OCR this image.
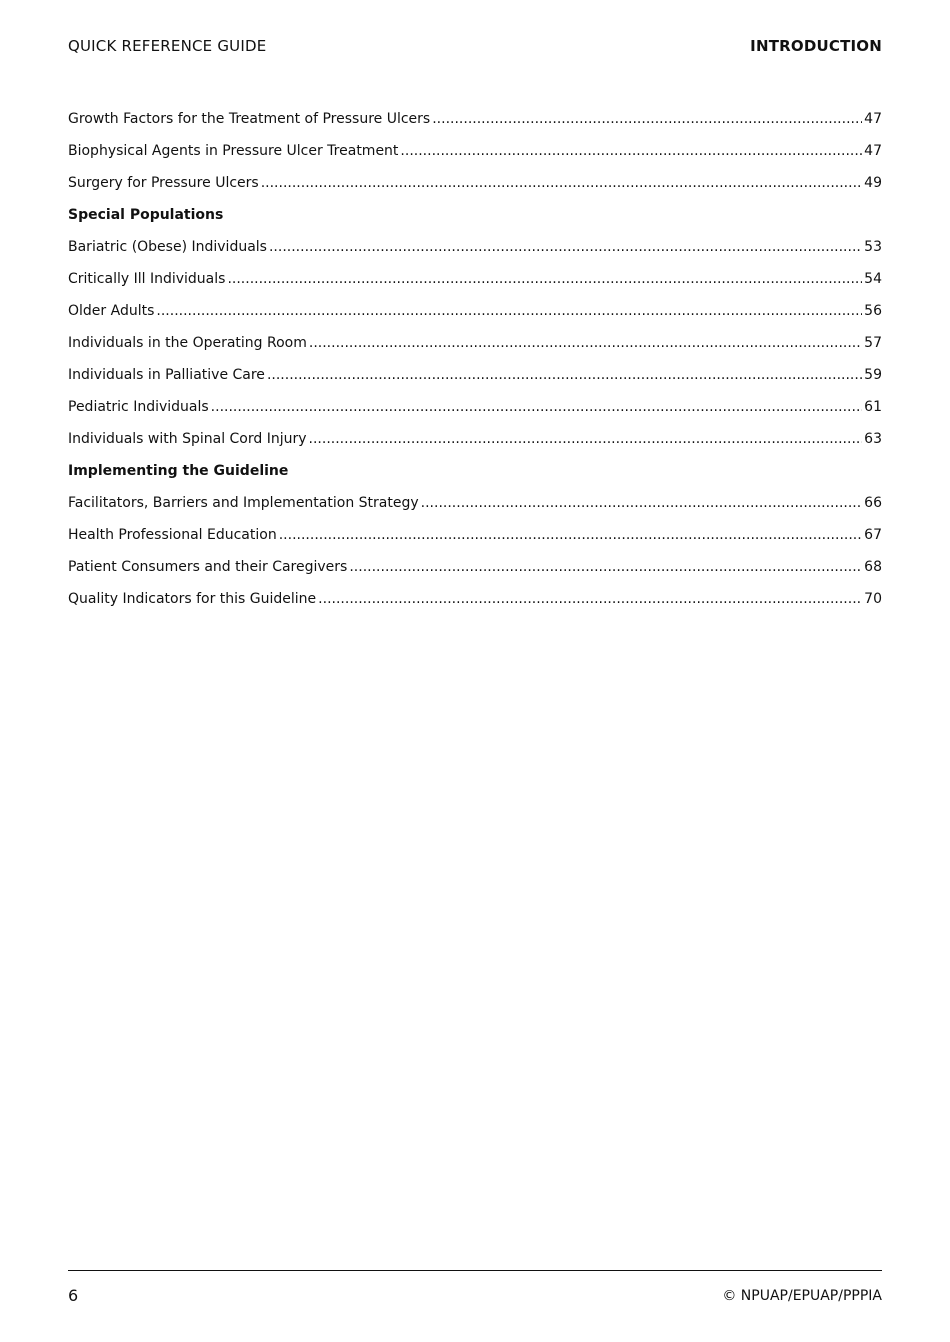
QUICK REFERENCE GUIDE	INTRODUCTION
Growth Factors for the Treatment of Pressure Ulcers .....	47
Biophysical Agents in Pressure Ulcer Treatment .....	47
Surgery for Pressure Ulcers .....	49
Special Populations
Bariatric (Obese) Individuals .....	53
Critically Ill Individuals .....	54
Older Adults .....	56
Individuals in the Operating Room .....	57
Individuals in Palliative Care .....	59
Pediatric Individuals .....	61
Individuals with Spinal Cord Injury .....	63
Implementing the Guideline
Facilitators, Barriers and Implementation Strategy .....	66
Health Professional Education .....	67
Patient Consumers and their Caregivers .....	68
Quality Indicators for this Guideline .....	70
6	© NPUAP/EPUAP/PPPIA
